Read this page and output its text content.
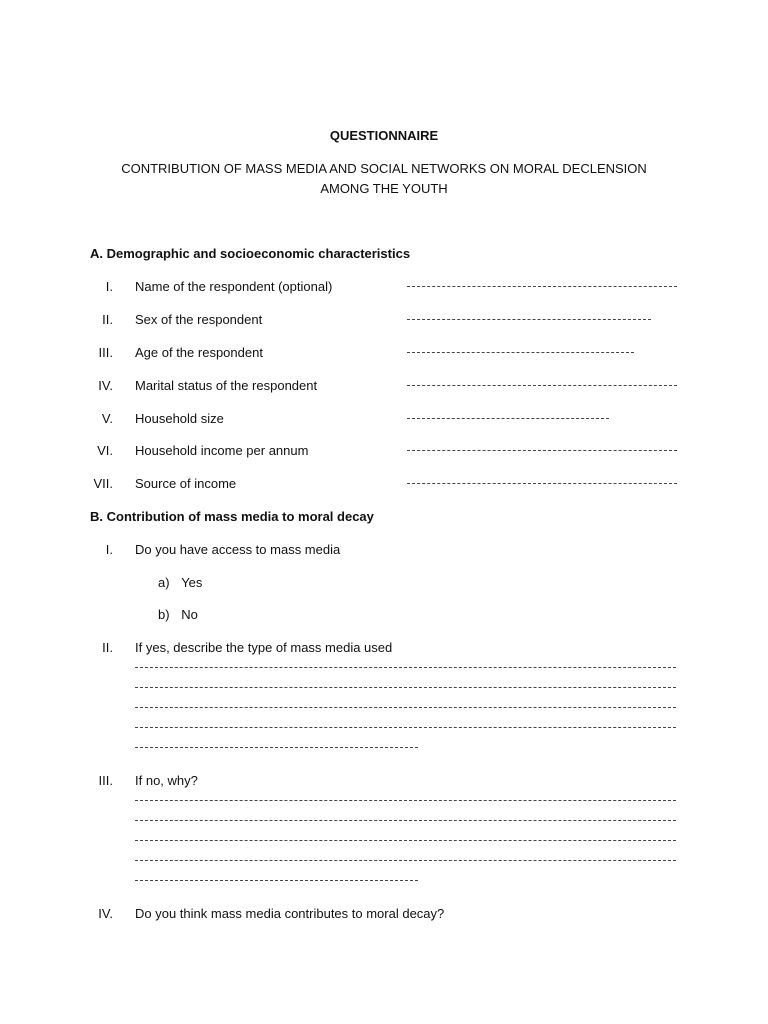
QUESTIONNAIRE
CONTRIBUTION OF MASS MEDIA AND SOCIAL NETWORKS ON MORAL DECLENSION
AMONG THE YOUTH
A. Demographic and socioeconomic characteristics
I. Name of the respondent (optional)
II. Sex of the respondent
III. Age of the respondent
IV. Marital status of the respondent
V. Household size
VI. Household income per annum
VII. Source of income
B. Contribution of mass media to moral decay
I. Do you have access to mass media
a) Yes
b) No
II. If yes, describe the type of mass media used
III. If no, why?
IV. Do you think mass media contributes to moral decay?
